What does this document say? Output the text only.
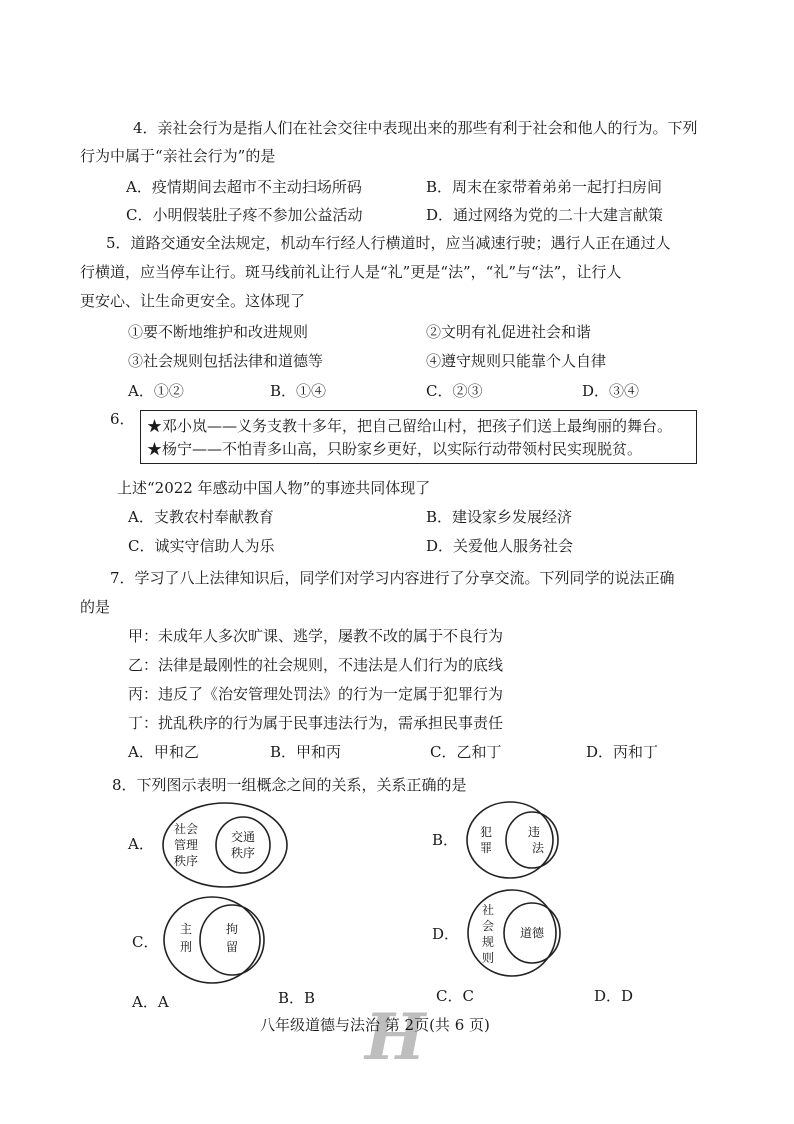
4．亲社会行为是指人们在社会交往中表现出来的那些有利于社会和他人的行为。下列
行为中属于“亲社会行为”的是
A．疫情期间去超市不主动扫场所码	B．周末在家带着弟弟一起打扫房间
C．小明假装肚子疼不参加公益活动	D．通过网络为党的二十大建言献策
5．道路交通安全法规定，机动车行经人行横道时，应当减速行驶；遇行人正在通过人
行横道，应当停车让行。斑马线前礼让行人是“礼”更是“法”，“礼”与“法”，让行人
更安心、让生命更安全。这体现了
①要不断地维护和改进规则	②文明有礼促进社会和谐
③社会规则包括法律和道德等	④遵守规则只能靠个人自律
A．①②	B．①④	C．②③	D．③④
6． ★邓小岚——义务支教十多年，把自己留给山村，把孩子们送上最绚丽的舞台。
★杨宁——不怕青多山高，只盼家乡更好，以实际行动带领村民实现脱贫。
上述“2022 年感动中国人物”的事迹共同体现了
A．支教农村奉献教育	B．建设家乡发展经济
C．诚实守信助人为乐	D．关爱他人服务社会
7．学习了八上法律知识后，同学们对学习内容进行了分享交流。下列同学的说法正确
的是
甲：未成年人多次旷课、逃学，屡教不改的属于不良行为
乙：法律是最刚性的社会规则，不违法是人们行为的底线
丙：违反了《治安管理处罚法》的行为一定属于犯罪行为
丁：扰乱秩序的行为属于民事违法行为，需承担民事责任
A．甲和乙	B．甲和丙	C．乙和丁	D．丙和丁
8．下列图示表明一组概念之间的关系，关系正确的是
A．
社会
管理
秩序
交通
秩序
B． 犯
罪
违
法
C．
主
刑
拘
留
D．
社
会
规
则
道德
A．A	B．B	C．C	D．D
H
八年级道德与法治 第 2页(共 6 页)
